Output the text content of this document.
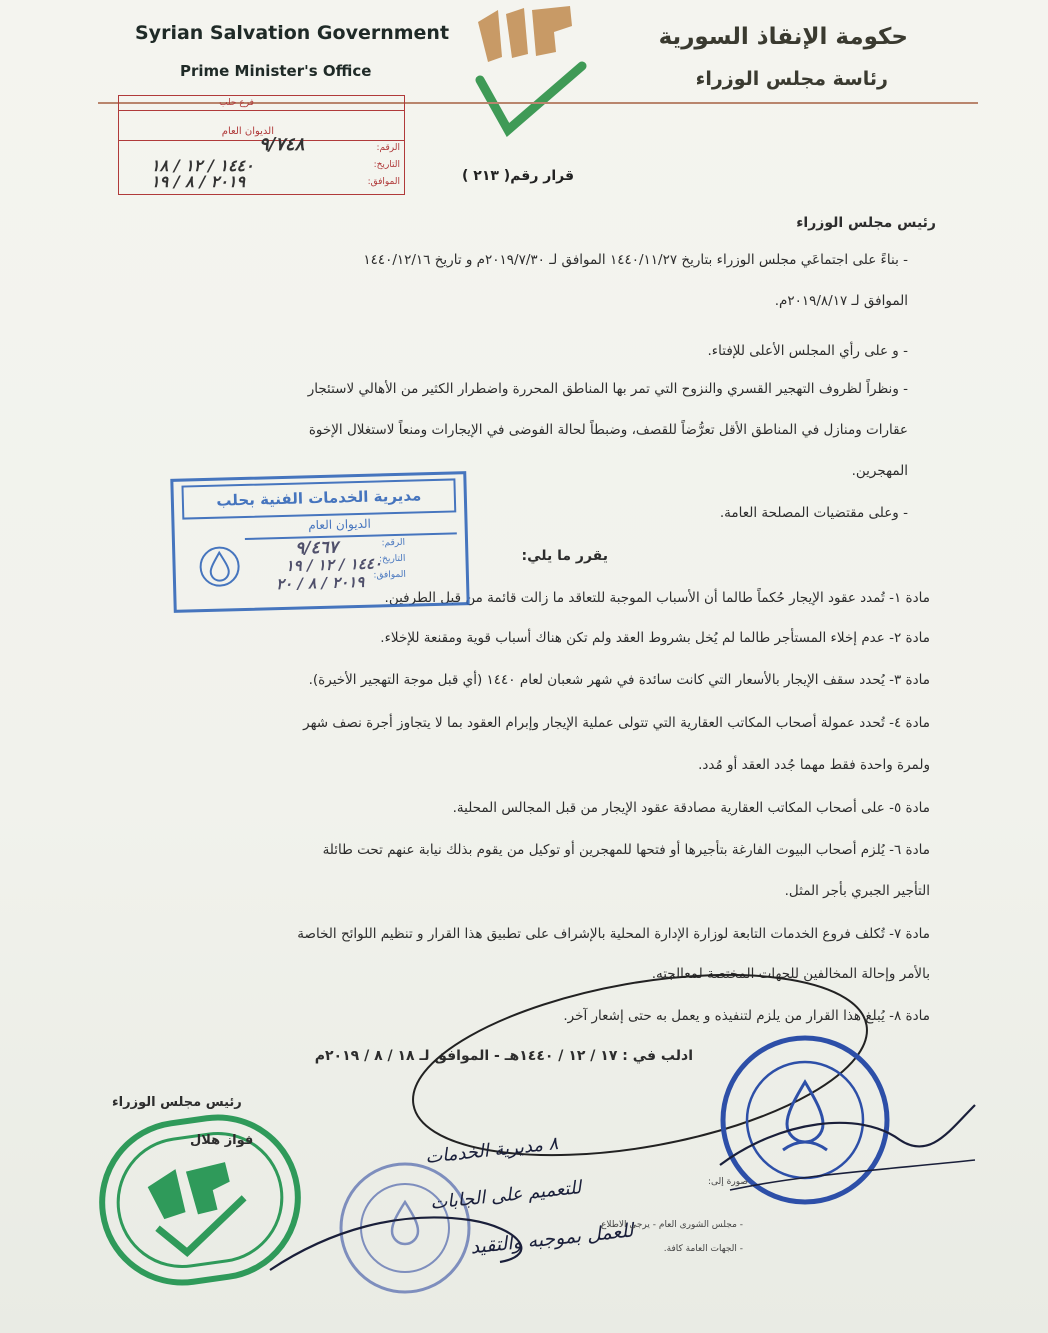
Syrian Salvation Government
Prime Minister's Office
حكومة الإنقاذ السورية
رئاسة مجلس الوزراء
سوريا
فرع حلب
الديوان العام
الرقم:
التاريخ:
الموافق:
٩/٧٤٨
١٤٤٠ / ١٢ / ١٨
٢٠١٩ / ٨ / ١٩	قرار رقم( ٢١٣ )
رئيس مجلس الوزراء
- بناءً على اجتماعَي مجلس الوزراء بتاريخ ١٤٤٠/١١/٢٧ الموافق لـ ٢٠١٩/٧/٣٠م و تاريخ ١٤٤٠/١٢/١٦
الموافق لـ ٢٠١٩/٨/١٧م.
- و على رأي المجلس الأعلى للإفتاء.
- ونظراً لظروف التهجير القسري والنزوح التي تمر بها المناطق المحررة واضطرار الكثير من الأهالي لاستئجار
عقارات ومنازل في المناطق الأقل تعرُّضاً للقصف، وضبطاً لحالة الفوضى في الإيجارات ومنعاً لاستغلال الإخوة
المهجرين.
- وعلى مقتضيات المصلحة العامة.
يقرر ما يلي:
مادة ١- تُمدد عقود الإيجار حُكماً طالما أن الأسباب الموجبة للتعاقد ما زالت قائمة من قبل الطرفين.
مادة ٢- عدم إخلاء المستأجر طالما لم يُخل بشروط العقد ولم تكن هناك أسباب قوية ومقنعة للإخلاء.
مادة ٣- يُحدد سقف الإيجار بالأسعار التي كانت سائدة في شهر شعبان لعام ١٤٤٠ (أي قبل موجة التهجير الأخيرة).
مادة ٤- تُحدد عمولة أصحاب المكاتب العقارية التي تتولى عملية الإيجار وإبرام العقود بما لا يتجاوز أجرة نصف شهر
ولمرة واحدة فقط مهما جُدد العقد أو مُدد.
مادة ٥- على أصحاب المكاتب العقارية مصادقة عقود الإيجار من قبل المجالس المحلية.
مادة ٦- يُلزم أصحاب البيوت الفارغة بتأجيرها أو فتحها للمهجرين أو توكيل من يقوم بذلك نيابة عنهم تحت طائلة
التأجير الجبري بأجر المثل.
مادة ٧- تُكلف فروع الخدمات التابعة لوزارة الإدارة المحلية بالإشراف على تطبيق هذا القرار و تنظيم اللوائح الخاصة
بالأمر وإحالة المخالفين للجهات المختصة لمعالجته.
مادة ٨- يُبلغ هذا القرار من يلزم لتنفيذه و يعمل به حتى إشعار آخر.
ادلب في : ١٧ / ١٢ / ١٤٤٠هـ - الموافق لـ ١٨ / ٨ / ٢٠١٩م
مديرية الخدمات الفنية بحلب
الديوان العام
الرقم:
التاريخ:
الموافق:
٩/٤٦٧
١٤٤٠ / ١٢ / ١٩
٢٠١٩ / ٨ / ٢٠
٨ مديرية الخدمات
للتعميم على الجابات
للعمل بموجبه والتقيد
رئيس مجلس الوزراء
فواز هلال
صورة إلى:
- مجلس الشورى العام - يرجى الاطلاع
- الجهات العامة كافة.
